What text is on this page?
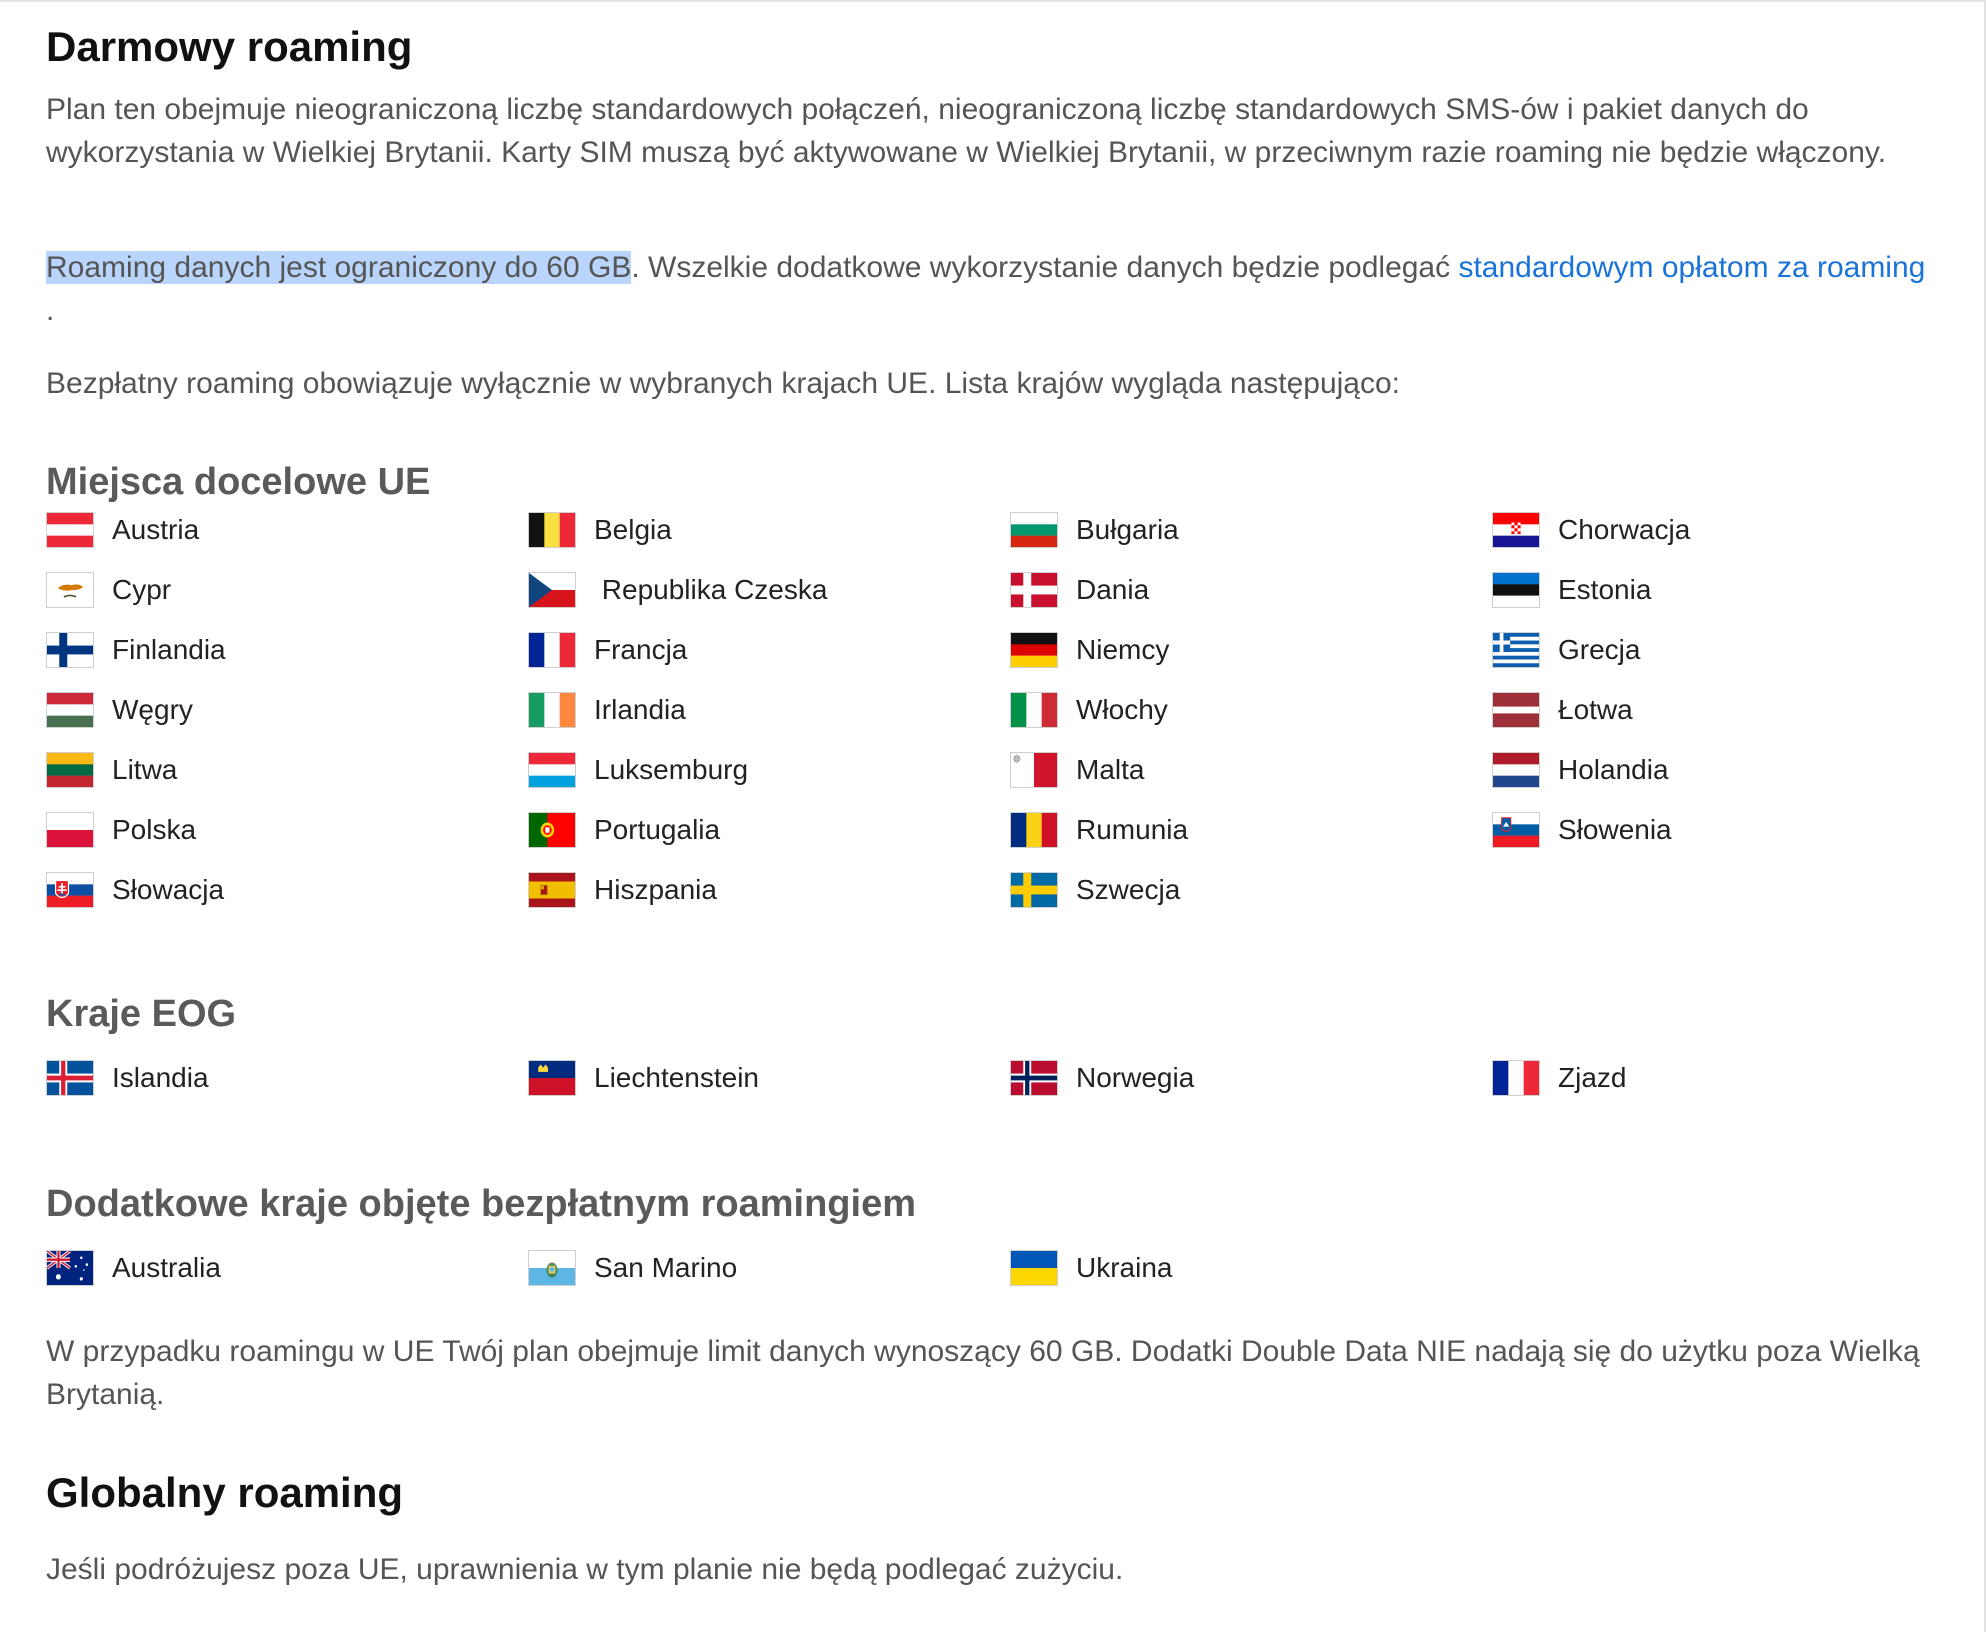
Darmowy roaming

Plan ten obejmuje nieograniczoną liczbę standardowych połączeń, nieograniczoną liczbę standardowych SMS-ów i pakiet danych do wykorzystania w Wielkiej Brytanii. Karty SIM muszą być aktywowane w Wielkiej Brytanii, w przeciwnym razie roaming nie będzie włączony.

Roaming danych jest ograniczony do 60 GB. Wszelkie dodatkowe wykorzystanie danych będzie podlegać standardowym opłatom za roaming .

Bezpłatny roaming obowiązuje wyłącznie w wybranych krajach UE. Lista krajów wygląda następująco:

Miejsca docelowe UE
Austria	Belgia	Bułgaria	Chorwacja
Cypr	Republika Czeska	Dania	Estonia
Finlandia	Francja	Niemcy	Grecja
Węgry	Irlandia	Włochy	Łotwa
Litwa	Luksemburg	Malta	Holandia
Polska	Portugalia	Rumunia	Słowenia
Słowacja	Hiszpania	Szwecja
Kraje EOG
Islandia	Liechtenstein	Norwegia	Zjazd
Dodatkowe kraje objęte bezpłatnym roamingiem
Australia	San Marino	Ukraina

W przypadku roamingu w UE Twój plan obejmuje limit danych wynoszący 60 GB. Dodatki Double Data NIE nadają się do użytku poza Wielką Brytanią.

Globalny roaming

Jeśli podróżujesz poza UE, uprawnienia w tym planie nie będą podlegać zużyciu.
